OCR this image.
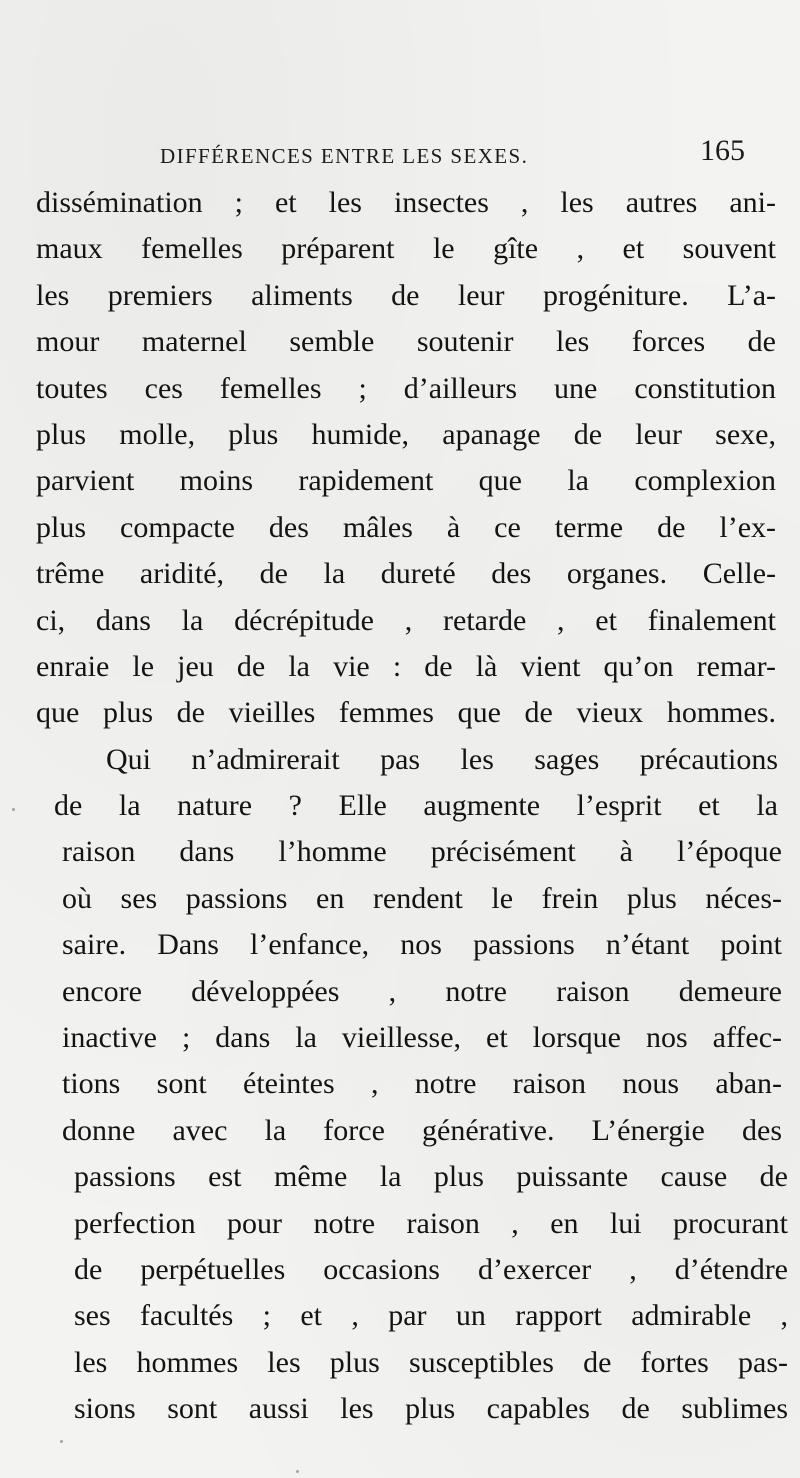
DIFFÉRENCES ENTRE LES SEXES.	165
dissémination ; et les insectes , les autres ani-
maux femelles préparent le gîte , et souvent
les premiers aliments de leur progéniture. L’a-
mour maternel semble soutenir les forces de
toutes ces femelles ; d’ailleurs une constitution
plus molle, plus humide, apanage de leur sexe,
parvient moins rapidement que la complexion
plus compacte des mâles à ce terme de l’ex-
trême aridité, de la dureté des organes. Celle-
ci, dans la décrépitude , retarde , et finalement
enraie le jeu de la vie : de là vient qu’on remar-
que plus de vieilles femmes que de vieux hommes.
Qui n’admirerait pas les sages précautions
de la nature ? Elle augmente l’esprit et la
raison dans l’homme précisément à l’époque
où ses passions en rendent le frein plus néces-
saire. Dans l’enfance, nos passions n’étant point
encore développées , notre raison demeure
inactive ; dans la vieillesse, et lorsque nos affec-
tions sont éteintes , notre raison nous aban-
donne avec la force générative. L’énergie des
passions est même la plus puissante cause de
perfection pour notre raison , en lui procurant
de perpétuelles occasions d’exercer , d’étendre
ses facultés ; et , par un rapport admirable ,
les hommes les plus susceptibles de fortes pas-
sions sont aussi les plus capables de sublimes
